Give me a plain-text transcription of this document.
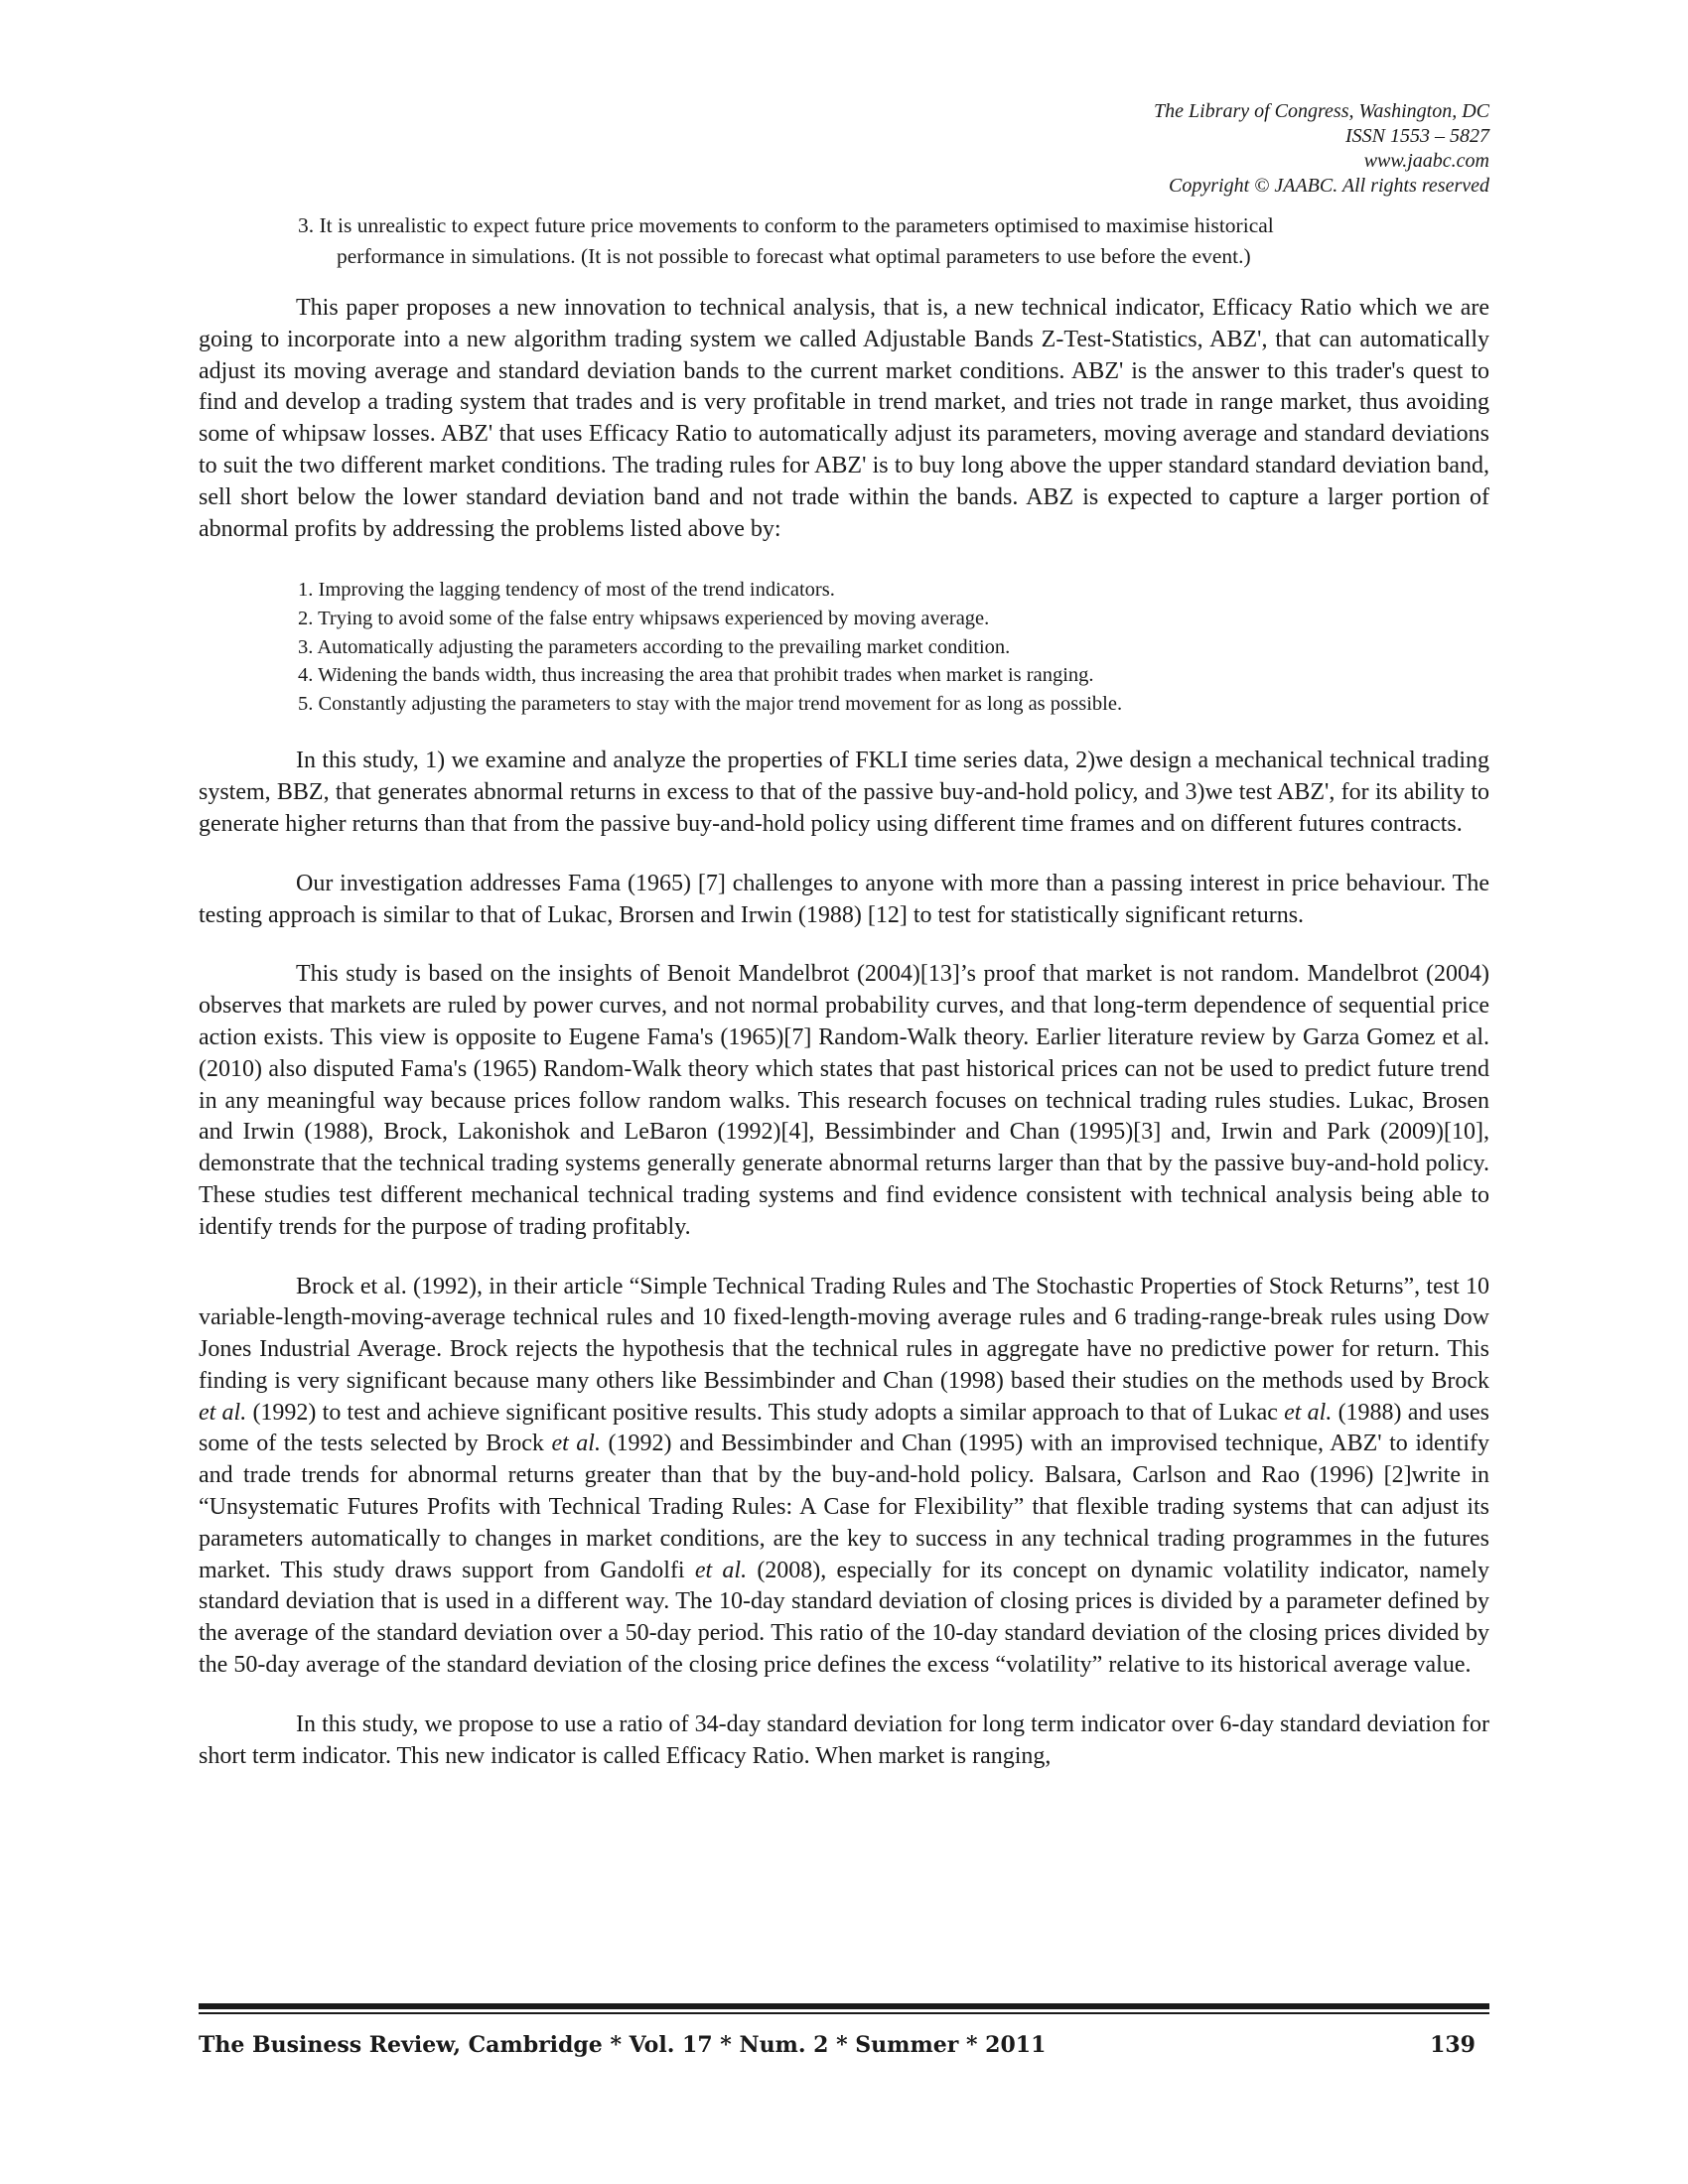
The Library of Congress, Washington, DC
ISSN 1553 – 5827
www.jaabc.com
Copyright © JAABC. All rights reserved
3. It is unrealistic to expect future price movements to conform to the parameters optimised to maximise historical
performance in simulations. (It is not possible to forecast what optimal parameters to use before the event.)

This paper proposes a new innovation to technical analysis, that is, a new technical indicator, Efficacy Ratio which we are going to incorporate into a new algorithm trading system we called Adjustable Bands Z-Test-Statistics, ABZ', that can automatically adjust its moving average and standard deviation bands to the current market conditions. ABZ' is the answer to this trader's quest to find and develop a trading system that trades and is very profitable in trend market, and tries not trade in range market, thus avoiding some of whipsaw losses. ABZ' that uses Efficacy Ratio to automatically adjust its parameters, moving average and standard deviations to suit the two different market conditions. The trading rules for ABZ' is to buy long above the upper standard standard deviation band, sell short below the lower standard deviation band and not trade within the bands. ABZ is expected to capture a larger portion of abnormal profits by addressing the problems listed above by:

1. Improving the lagging tendency of most of the trend indicators.
2. Trying to avoid some of the false entry whipsaws experienced by moving average.
3. Automatically adjusting the parameters according to the prevailing market condition.
4. Widening the bands width, thus increasing the area that prohibit trades when market is ranging.
5. Constantly adjusting the parameters to stay with the major trend movement for as long as possible.

In this study, 1) we examine and analyze the properties of FKLI time series data, 2)we design a mechanical technical trading system, BBZ, that generates abnormal returns in excess to that of the passive buy-and-hold policy, and 3)we test ABZ', for its ability to generate higher returns than that from the passive buy-and-hold policy using different time frames and on different futures contracts.

Our investigation addresses Fama (1965) [7] challenges to anyone with more than a passing interest in price behaviour. The testing approach is similar to that of Lukac, Brorsen and Irwin (1988) [12] to test for statistically significant returns.

This study is based on the insights of Benoit Mandelbrot (2004)[13]’s proof that market is not random. Mandelbrot (2004) observes that markets are ruled by power curves, and not normal probability curves, and that long-term dependence of sequential price action exists. This view is opposite to Eugene Fama's (1965)[7] Random-Walk theory. Earlier literature review by Garza Gomez et al. (2010) also disputed Fama's (1965) Random-Walk theory which states that past historical prices can not be used to predict future trend in any meaningful way because prices follow random walks. This research focuses on technical trading rules studies. Lukac, Brosen and Irwin (1988), Brock, Lakonishok and LeBaron (1992)[4], Bessimbinder and Chan (1995)[3] and, Irwin and Park (2009)[10], demonstrate that the technical trading systems generally generate abnormal returns larger than that by the passive buy-and-hold policy. These studies test different mechanical technical trading systems and find evidence consistent with technical analysis being able to identify trends for the purpose of trading profitably.

Brock et al. (1992), in their article “Simple Technical Trading Rules and The Stochastic Properties of Stock Returns”, test 10 variable-length-moving-average technical rules and 10 fixed-length-moving average rules and 6 trading-range-break rules using Dow Jones Industrial Average. Brock rejects the hypothesis that the technical rules in aggregate have no predictive power for return. This finding is very significant because many others like Bessimbinder and Chan (1998) based their studies on the methods used by Brock et al. (1992) to test and achieve significant positive results. This study adopts a similar approach to that of Lukac et al. (1988) and uses some of the tests selected by Brock et al. (1992) and Bessimbinder and Chan (1995) with an improvised technique, ABZ' to identify and trade trends for abnormal returns greater than that by the buy-and-hold policy. Balsara, Carlson and Rao (1996) [2]write in “Unsystematic Futures Profits with Technical Trading Rules: A Case for Flexibility” that flexible trading systems that can adjust its parameters automatically to changes in market conditions, are the key to success in any technical trading programmes in the futures market. This study draws support from Gandolfi et al. (2008), especially for its concept on dynamic volatility indicator, namely standard deviation that is used in a different way. The 10-day standard deviation of closing prices is divided by a parameter defined by the average of the standard deviation over a 50-day period. This ratio of the 10-day standard deviation of the closing prices divided by the 50-day average of the standard deviation of the closing price defines the excess “volatility” relative to its historical average value.

In this study, we propose to use a ratio of 34-day standard deviation for long term indicator over 6-day standard deviation for short term indicator. This new indicator is called Efficacy Ratio. When market is ranging,

The Business Review, Cambridge * Vol. 17 * Num. 2 * Summer * 2011	139
